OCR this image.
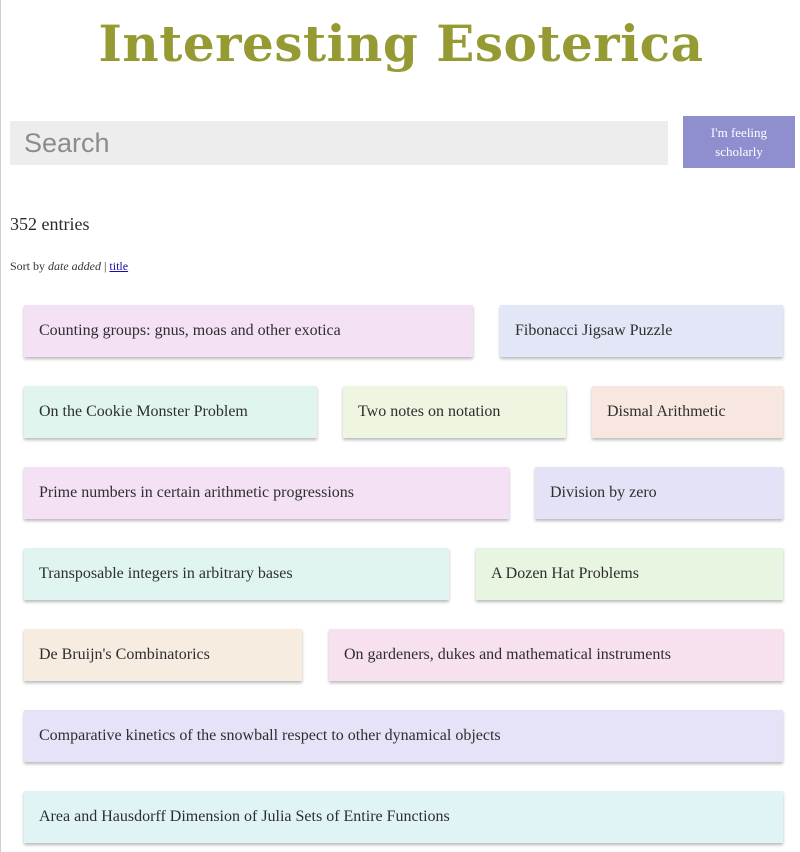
Interesting Esoterica
Search
I'm feeling scholarly
352 entries
Sort by date added | title
Counting groups: gnus, moas and other exotica	Fibonacci Jigsaw Puzzle
On the Cookie Monster Problem	Two notes on notation	Dismal Arithmetic
Prime numbers in certain arithmetic progressions	Division by zero
Transposable integers in arbitrary bases	A Dozen Hat Problems
De Bruijn's Combinatorics	On gardeners, dukes and mathematical instruments
Comparative kinetics of the snowball respect to other dynamical objects
Area and Hausdorff Dimension of Julia Sets of Entire Functions
